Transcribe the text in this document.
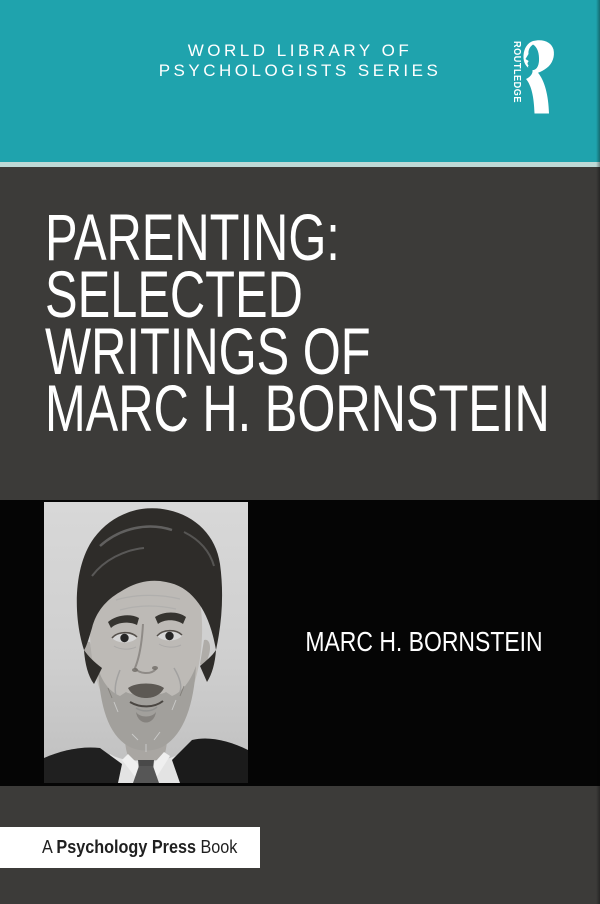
WORLD LIBRARY OF
PSYCHOLOGISTS SERIES	ROUTLEDGE
PARENTING:
SELECTED
WRITINGS OF
MARC H. BORNSTEIN
MARC H. BORNSTEIN
A Psychology Press Book
